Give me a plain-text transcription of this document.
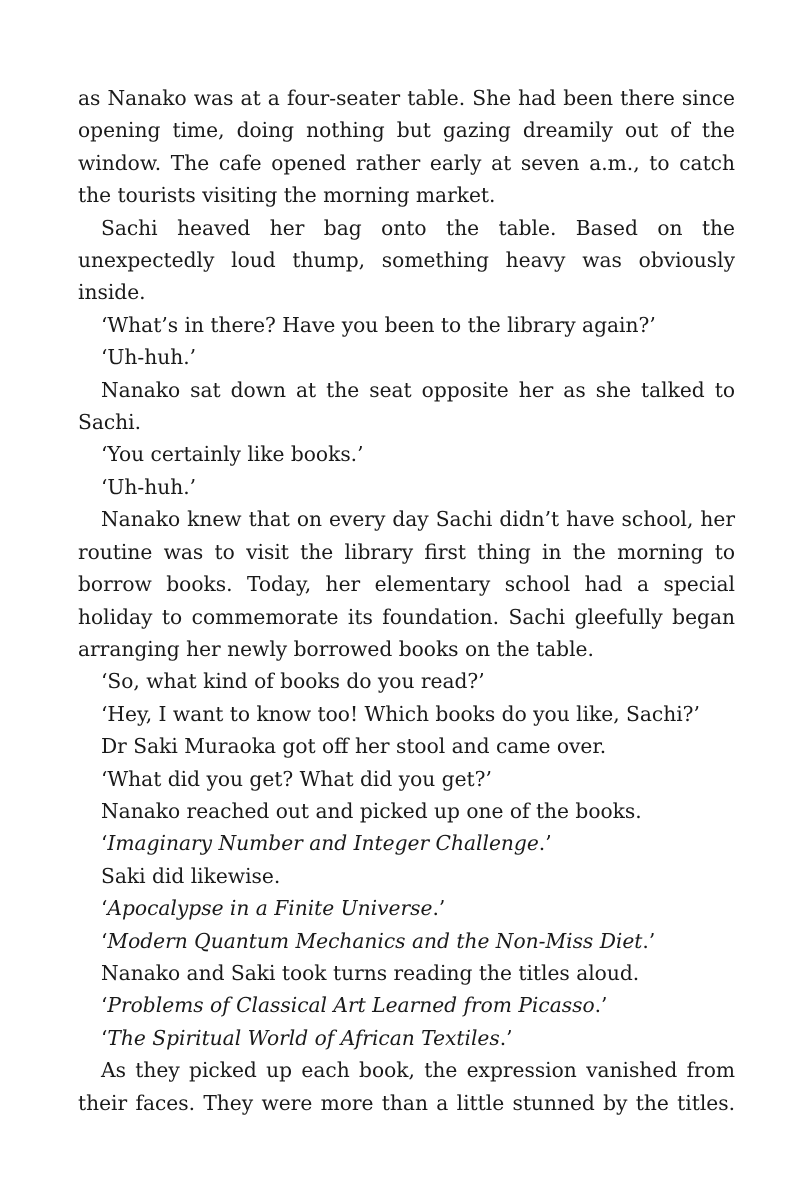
as Nanako was at a four-seater table. She had been there since opening time, doing nothing but gazing dreamily out of the window. The cafe opened rather early at seven a.m., to catch the tourists visiting the morning market.

Sachi heaved her bag onto the table. Based on the unexpectedly loud thump, something heavy was obviously inside.

‘What’s in there? Have you been to the library again?’

‘Uh-huh.’

Nanako sat down at the seat opposite her as she talked to Sachi.

‘You certainly like books.’

‘Uh-huh.’

Nanako knew that on every day Sachi didn’t have school, her routine was to visit the library first thing in the morning to borrow books. Today, her elementary school had a special holiday to commemorate its foundation. Sachi gleefully began arranging her newly borrowed books on the table.

‘So, what kind of books do you read?’

‘Hey, I want to know too! Which books do you like, Sachi?’

Dr Saki Muraoka got off her stool and came over.

‘What did you get? What did you get?’

Nanako reached out and picked up one of the books.

‘Imaginary Number and Integer Challenge.’

Saki did likewise.

‘Apocalypse in a Finite Universe.’

‘Modern Quantum Mechanics and the Non-Miss Diet.’

Nanako and Saki took turns reading the titles aloud.

‘Problems of Classical Art Learned from Picasso.’

‘The Spiritual World of African Textiles.’

As they picked up each book, the expression vanished from their faces. They were more than a little stunned by the titles.
